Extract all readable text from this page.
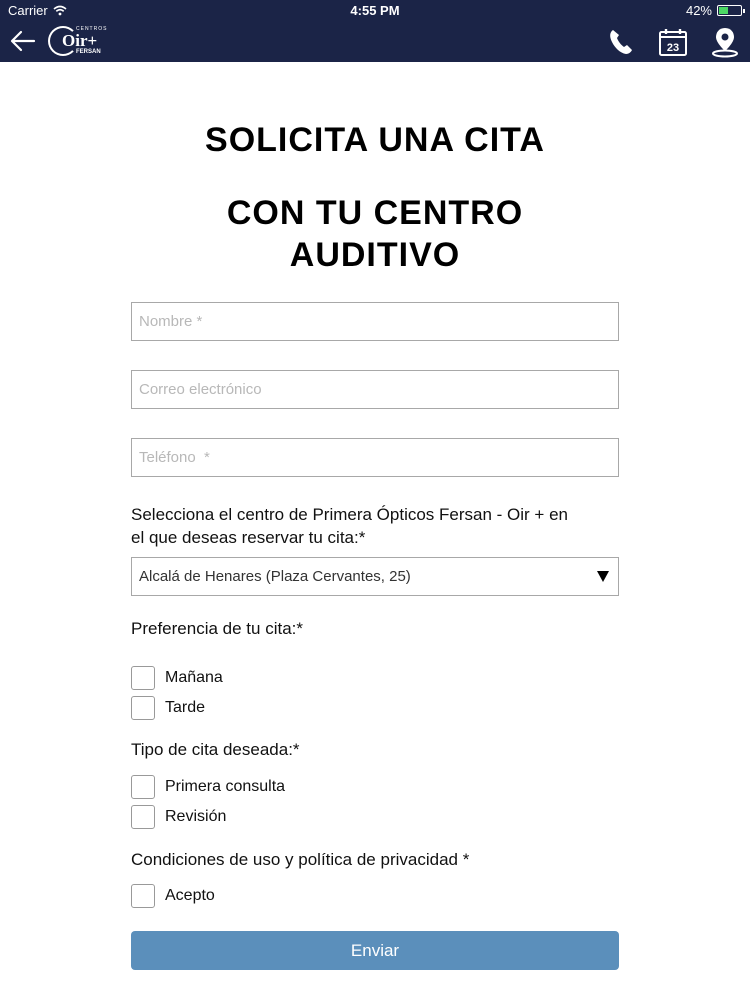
Carrier	4:55 PM	42%
CENTROS
Oir+
FERSAN	23
SOLICITA UNA CITA
CON TU CENTRO
AUDITIVO
Nombre *
Correo electrónico
Teléfono *
Selecciona el centro de Primera Ópticos Fersan - Oir + en
el que deseas reservar tu cita:*
Alcalá de Henares (Plaza Cervantes, 25)
Preferencia de tu cita:*
Mañana
Tarde
Tipo de cita deseada:*
Primera consulta
Revisión
Condiciones de uso y política de privacidad *
Acepto
Enviar
